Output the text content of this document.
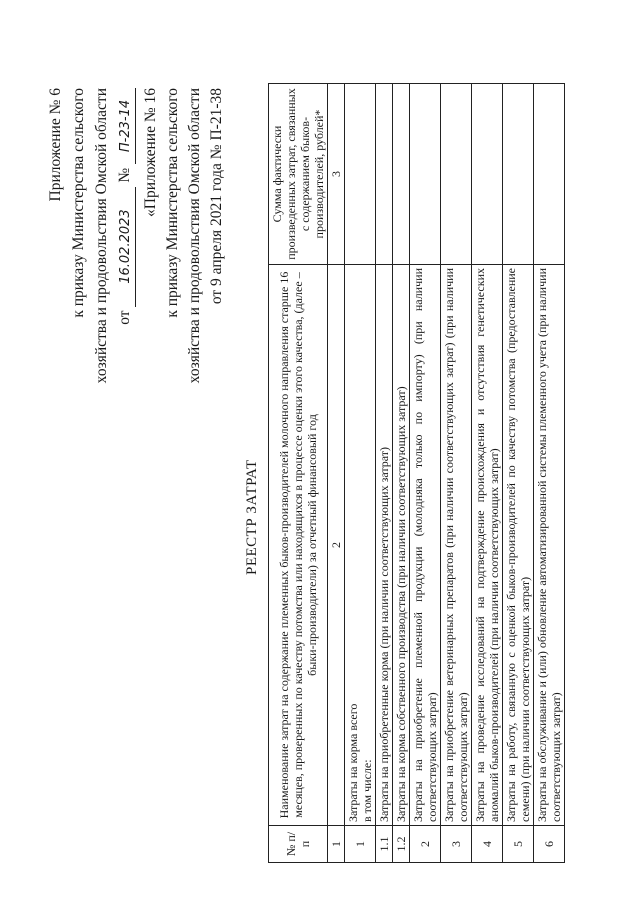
Приложение № 6 к приказу Министерства сельского хозяйства и продовольствия Омской области от 16.02.2023 № П-23-14 «Приложение № 16 к приказу Министерства сельского хозяйства и продовольствия Омской области от 9 апреля 2021 года № П-21-38
РЕЕСТР ЗАТРАТ
№ п/п	Наименование затрат на содержание племенных быков-производителей молочного направления старше 16 месяцев, проверенных по качеству потомства или находящихся в процессе оценки этого качества, (далее – быки-производители) за отчетный финансовый год	Сумма фактически произведенных затрат, связанных с содержанием быков-производителей, рублей*
1	2	3
1	Затраты на корма всего
в том числе:	
1.1	Затраты на приобретенные корма (при наличии соответствующих затрат)	
1.2	Затраты на корма собственного производства (при наличии соответствующих затрат)	
2	Затраты на приобретение племенной продукции (молодняка только по импорту) (при наличии соответствующих затрат)	
3	Затраты на приобретение ветеринарных препаратов (при наличии соответствующих затрат) (при наличии соответствующих затрат)	
4	Затраты на проведение исследований на подтверждение происхождения и отсутствия генетических аномалий быков-производителей (при наличии соответствующих затрат)	
5	Затраты на работу, связанную с оценкой быков-производителей по качеству потомства (предоставление семени) (при наличии соответствующих затрат)	
6	Затраты на обслуживание и (или) обновление автоматизированной системы племенного учета (при наличии соответствующих затрат)	
